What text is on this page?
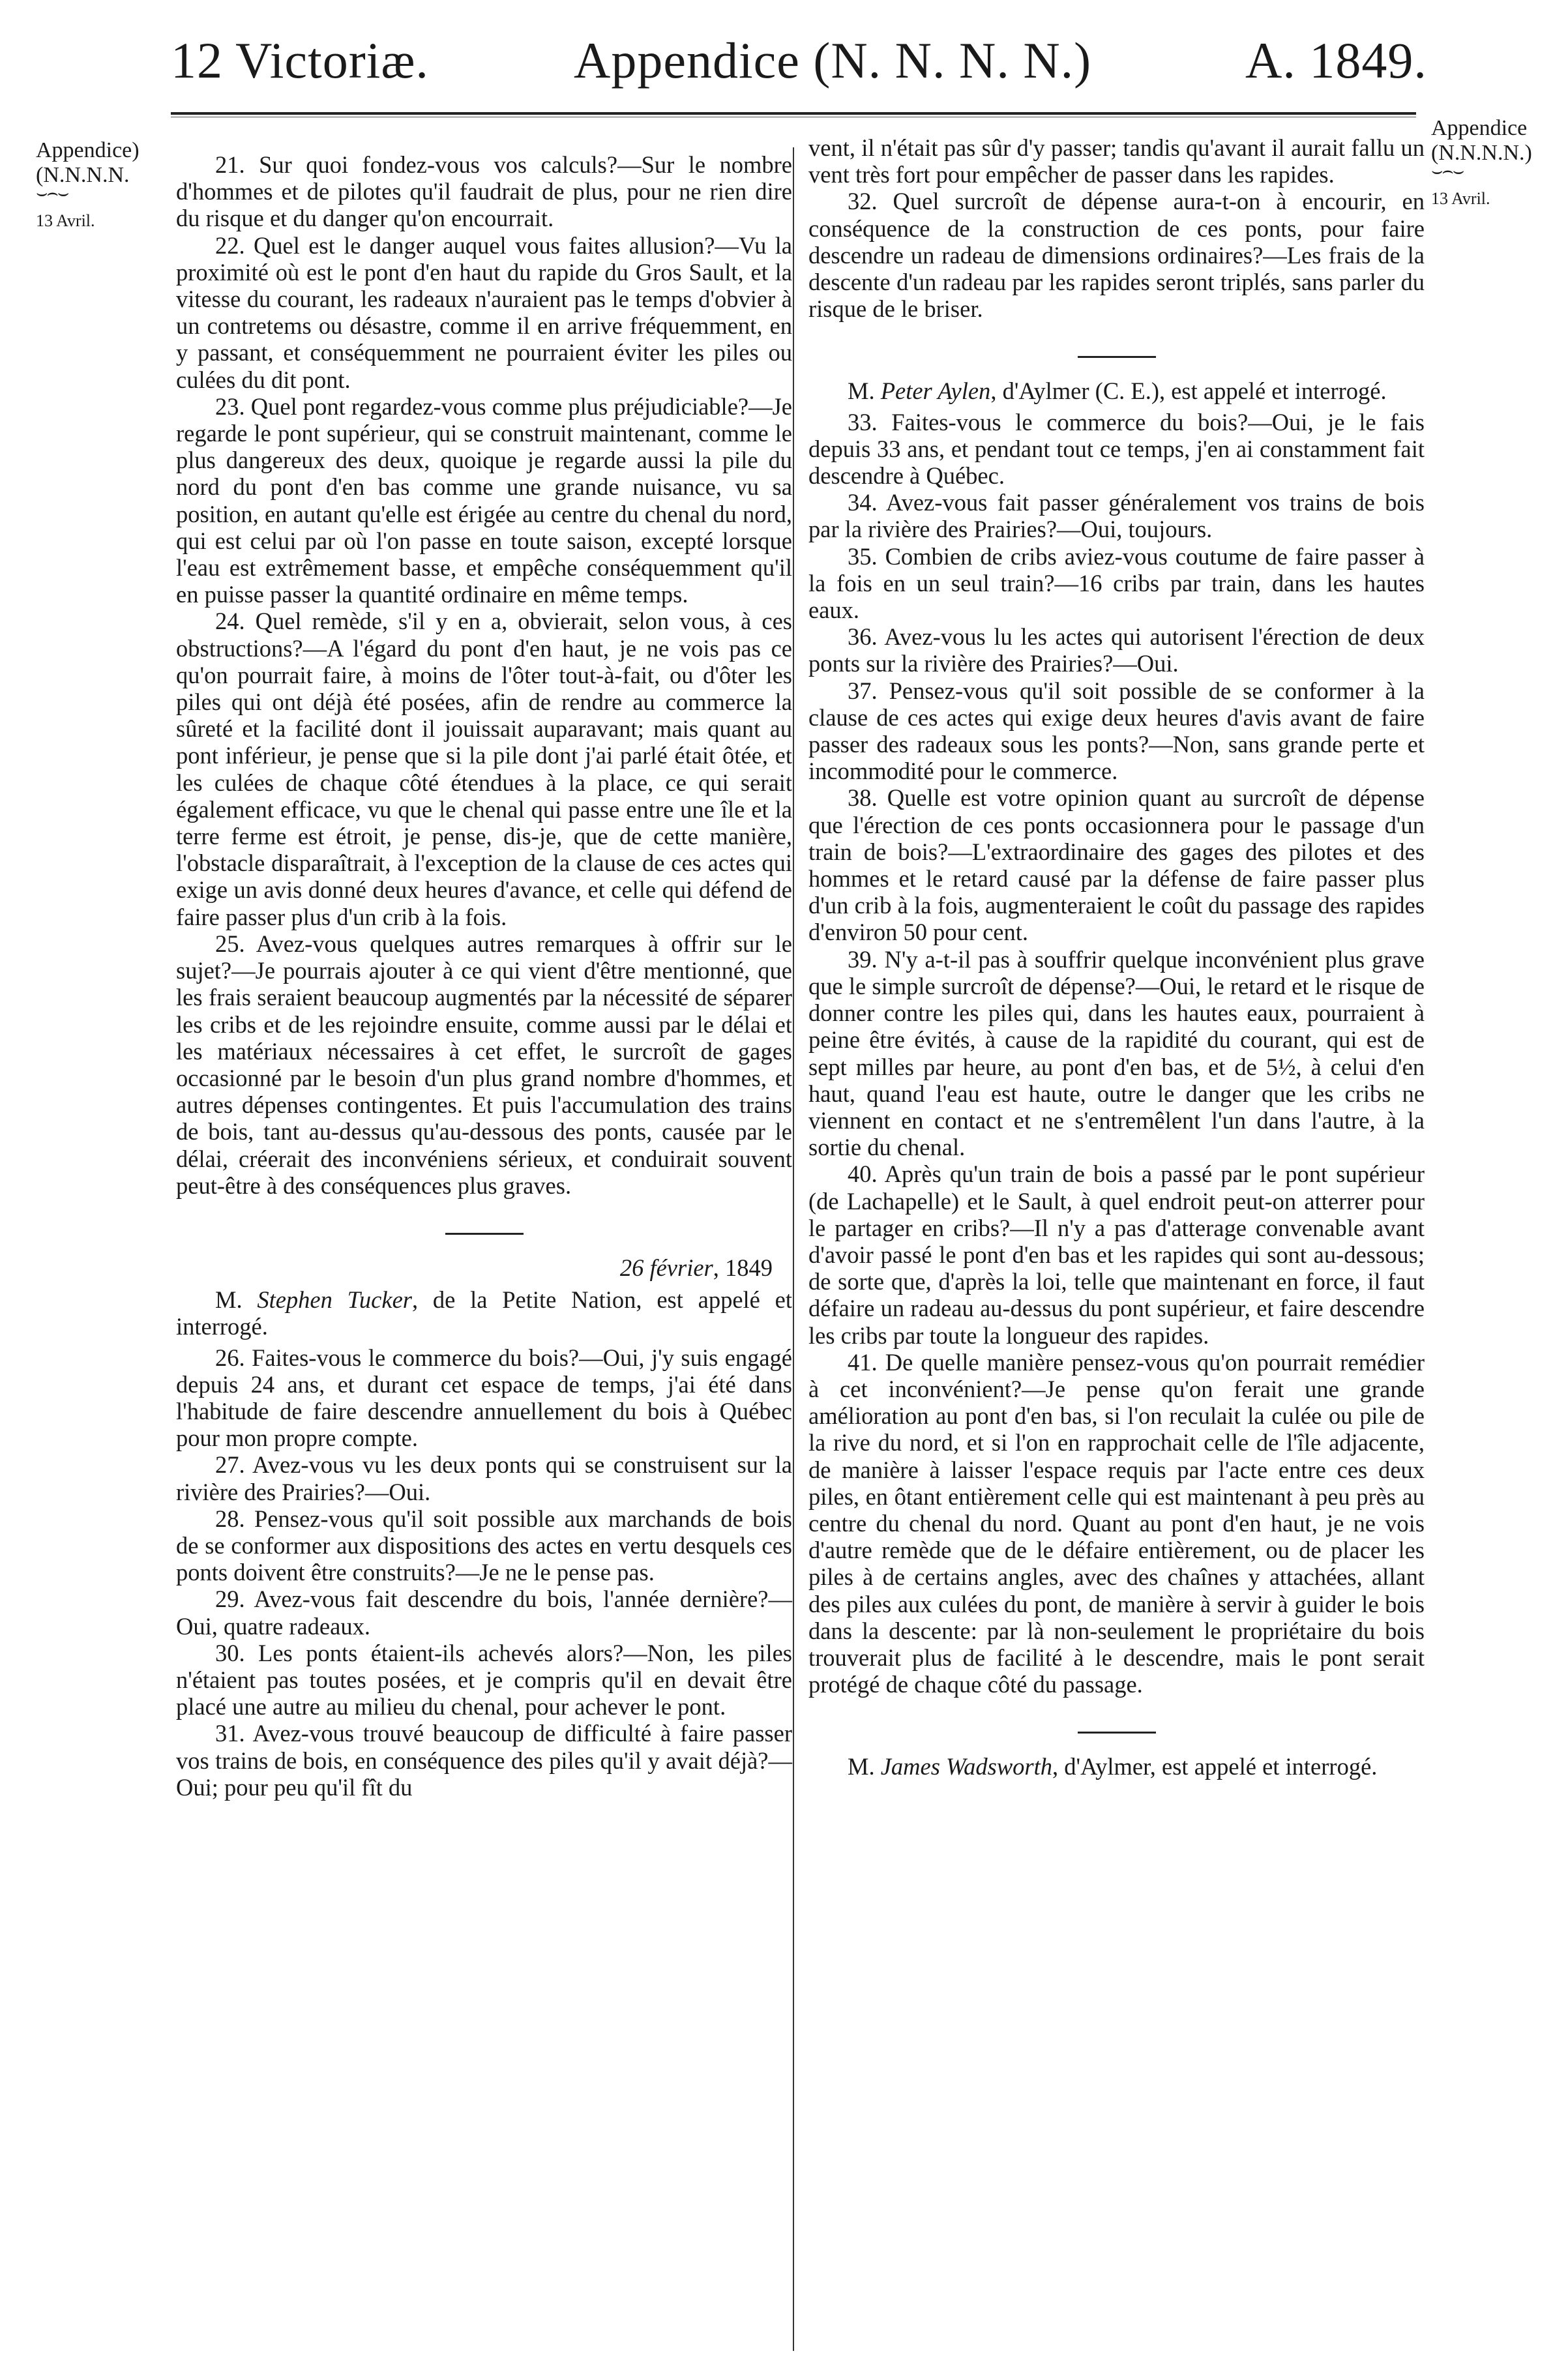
12 Victoriæ.	Appendice (N. N. N. N.)	A. 1849.
Appendice)
(N.N.N.N.
⌣⌢⌣
13 Avril.
Appendice
(N.N.N.N.)
⌣⌢⌣
13 Avril.

21. Sur quoi fondez-vous vos calculs?—Sur le nombre d'hommes et de pilotes qu'il faudrait de plus, pour ne rien dire du risque et du danger qu'on encourrait.

22. Quel est le danger auquel vous faites allusion?—Vu la proximité où est le pont d'en haut du rapide du Gros Sault, et la vitesse du courant, les radeaux n'auraient pas le temps d'obvier à un contretems ou désastre, comme il en arrive fréquemment, en y passant, et conséquemment ne pourraient éviter les piles ou culées du dit pont.

23. Quel pont regardez-vous comme plus préjudiciable?—Je regarde le pont supérieur, qui se construit maintenant, comme le plus dangereux des deux, quoique je regarde aussi la pile du nord du pont d'en bas comme une grande nuisance, vu sa position, en autant qu'elle est érigée au centre du chenal du nord, qui est celui par où l'on passe en toute saison, excepté lorsque l'eau est extrêmement basse, et empêche conséquemment qu'il en puisse passer la quantité ordinaire en même temps.

24. Quel remède, s'il y en a, obvierait, selon vous, à ces obstructions?—A l'égard du pont d'en haut, je ne vois pas ce qu'on pourrait faire, à moins de l'ôter tout-à-fait, ou d'ôter les piles qui ont déjà été posées, afin de rendre au commerce la sûreté et la facilité dont il jouissait auparavant; mais quant au pont inférieur, je pense que si la pile dont j'ai parlé était ôtée, et les culées de chaque côté étendues à la place, ce qui serait également efficace, vu que le chenal qui passe entre une île et la terre ferme est étroit, je pense, dis-je, que de cette manière, l'obstacle disparaîtrait, à l'exception de la clause de ces actes qui exige un avis donné deux heures d'avance, et celle qui défend de faire passer plus d'un crib à la fois.

25. Avez-vous quelques autres remarques à offrir sur le sujet?—Je pourrais ajouter à ce qui vient d'être mentionné, que les frais seraient beaucoup augmentés par la nécessité de séparer les cribs et de les rejoindre ensuite, comme aussi par le délai et les matériaux nécessaires à cet effet, le surcroît de gages occasionné par le besoin d'un plus grand nombre d'hommes, et autres dépenses contingentes. Et puis l'accumulation des trains de bois, tant au-dessus qu'au-dessous des ponts, causée par le délai, créerait des inconvéniens sérieux, et conduirait souvent peut-être à des conséquences plus graves.

26 février, 1849

M. Stephen Tucker, de la Petite Nation, est appelé et interrogé.

26. Faites-vous le commerce du bois?—Oui, j'y suis engagé depuis 24 ans, et durant cet espace de temps, j'ai été dans l'habitude de faire descendre annuellement du bois à Québec pour mon propre compte.

27. Avez-vous vu les deux ponts qui se construisent sur la rivière des Prairies?—Oui.

28. Pensez-vous qu'il soit possible aux marchands de bois de se conformer aux dispositions des actes en vertu desquels ces ponts doivent être construits?—Je ne le pense pas.

29. Avez-vous fait descendre du bois, l'année dernière?—Oui, quatre radeaux.

30. Les ponts étaient-ils achevés alors?—Non, les piles n'étaient pas toutes posées, et je compris qu'il en devait être placé une autre au milieu du chenal, pour achever le pont.

31. Avez-vous trouvé beaucoup de difficulté à faire passer vos trains de bois, en conséquence des piles qu'il y avait déjà?—Oui; pour peu qu'il fît du

vent, il n'était pas sûr d'y passer; tandis qu'avant il aurait fallu un vent très fort pour empêcher de passer dans les rapides.

32. Quel surcroît de dépense aura-t-on à encourir, en conséquence de la construction de ces ponts, pour faire descendre un radeau de dimensions ordinaires?—Les frais de la descente d'un radeau par les rapides seront triplés, sans parler du risque de le briser.

M. Peter Aylen, d'Aylmer (C. E.), est appelé et interrogé.

33. Faites-vous le commerce du bois?—Oui, je le fais depuis 33 ans, et pendant tout ce temps, j'en ai constamment fait descendre à Québec.

34. Avez-vous fait passer généralement vos trains de bois par la rivière des Prairies?—Oui, toujours.

35. Combien de cribs aviez-vous coutume de faire passer à la fois en un seul train?—16 cribs par train, dans les hautes eaux.

36. Avez-vous lu les actes qui autorisent l'érection de deux ponts sur la rivière des Prairies?—Oui.

37. Pensez-vous qu'il soit possible de se conformer à la clause de ces actes qui exige deux heures d'avis avant de faire passer des radeaux sous les ponts?—Non, sans grande perte et incommodité pour le commerce.

38. Quelle est votre opinion quant au surcroît de dépense que l'érection de ces ponts occasionnera pour le passage d'un train de bois?—L'extraordinaire des gages des pilotes et des hommes et le retard causé par la défense de faire passer plus d'un crib à la fois, augmenteraient le coût du passage des rapides d'environ 50 pour cent.

39. N'y a-t-il pas à souffrir quelque inconvénient plus grave que le simple surcroît de dépense?—Oui, le retard et le risque de donner contre les piles qui, dans les hautes eaux, pourraient à peine être évités, à cause de la rapidité du courant, qui est de sept milles par heure, au pont d'en bas, et de 5½, à celui d'en haut, quand l'eau est haute, outre le danger que les cribs ne viennent en contact et ne s'entremêlent l'un dans l'autre, à la sortie du chenal.

40. Après qu'un train de bois a passé par le pont supérieur (de Lachapelle) et le Sault, à quel endroit peut-on atterrer pour le partager en cribs?—Il n'y a pas d'atterage convenable avant d'avoir passé le pont d'en bas et les rapides qui sont au-dessous; de sorte que, d'après la loi, telle que maintenant en force, il faut défaire un radeau au-dessus du pont supérieur, et faire descendre les cribs par toute la longueur des rapides.

41. De quelle manière pensez-vous qu'on pourrait remédier à cet inconvénient?—Je pense qu'on ferait une grande amélioration au pont d'en bas, si l'on reculait la culée ou pile de la rive du nord, et si l'on en rapprochait celle de l'île adjacente, de manière à laisser l'espace requis par l'acte entre ces deux piles, en ôtant entièrement celle qui est maintenant à peu près au centre du chenal du nord. Quant au pont d'en haut, je ne vois d'autre remède que de le défaire entièrement, ou de placer les piles à de certains angles, avec des chaînes y attachées, allant des piles aux culées du pont, de manière à servir à guider le bois dans la descente: par là non-seulement le propriétaire du bois trouverait plus de facilité à le descendre, mais le pont serait protégé de chaque côté du passage.

M. James Wadsworth, d'Aylmer, est appelé et interrogé.
